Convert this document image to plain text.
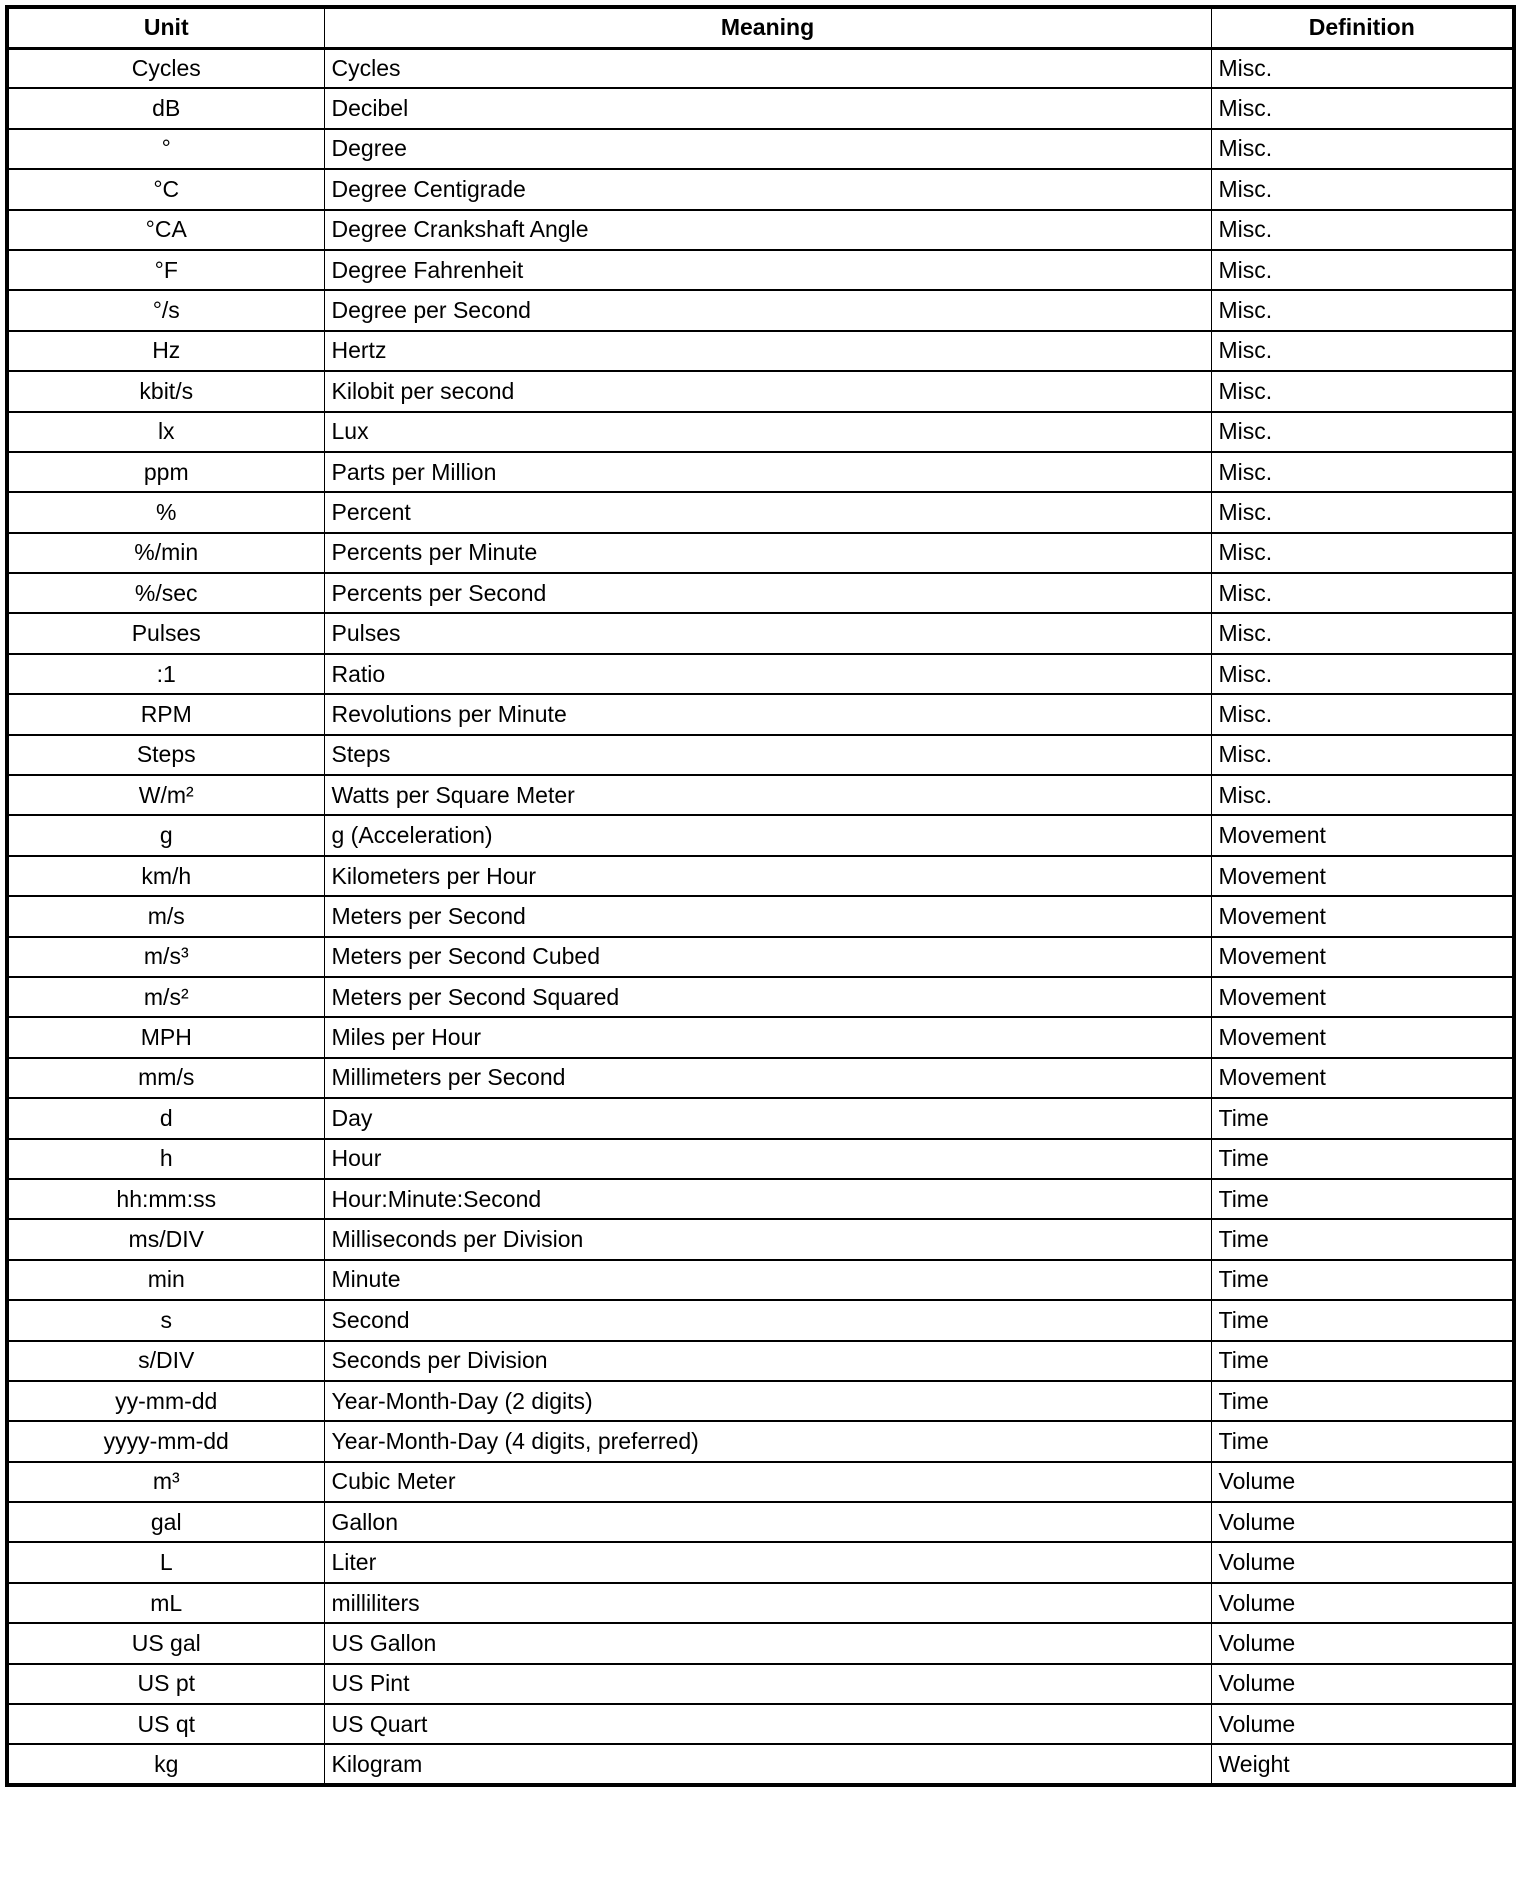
Unit	Meaning	Definition
Cycles	Cycles	Misc.
dB	Decibel	Misc.
°	Degree	Misc.
°C	Degree Centigrade	Misc.
°CA	Degree Crankshaft Angle	Misc.
°F	Degree Fahrenheit	Misc.
°/s	Degree per Second	Misc.
Hz	Hertz	Misc.
kbit/s	Kilobit per second	Misc.
lx	Lux	Misc.
ppm	Parts per Million	Misc.
%	Percent	Misc.
%/min	Percents per Minute	Misc.
%/sec	Percents per Second	Misc.
Pulses	Pulses	Misc.
:1	Ratio	Misc.
RPM	Revolutions per Minute	Misc.
Steps	Steps	Misc.
W/m²	Watts per Square Meter	Misc.
g	g (Acceleration)	Movement
km/h	Kilometers per Hour	Movement
m/s	Meters per Second	Movement
m/s³	Meters per Second Cubed	Movement
m/s²	Meters per Second Squared	Movement
MPH	Miles per Hour	Movement
mm/s	Millimeters per Second	Movement
d	Day	Time
h	Hour	Time
hh:mm:ss	Hour:Minute:Second	Time
ms/DIV	Milliseconds per Division	Time
min	Minute	Time
s	Second	Time
s/DIV	Seconds per Division	Time
yy-mm-dd	Year-Month-Day (2 digits)	Time
yyyy-mm-dd	Year-Month-Day (4 digits, preferred)	Time
m³	Cubic Meter	Volume
gal	Gallon	Volume
L	Liter	Volume
mL	milliliters	Volume
US gal	US Gallon	Volume
US pt	US Pint	Volume
US qt	US Quart	Volume
kg	Kilogram	Weight
